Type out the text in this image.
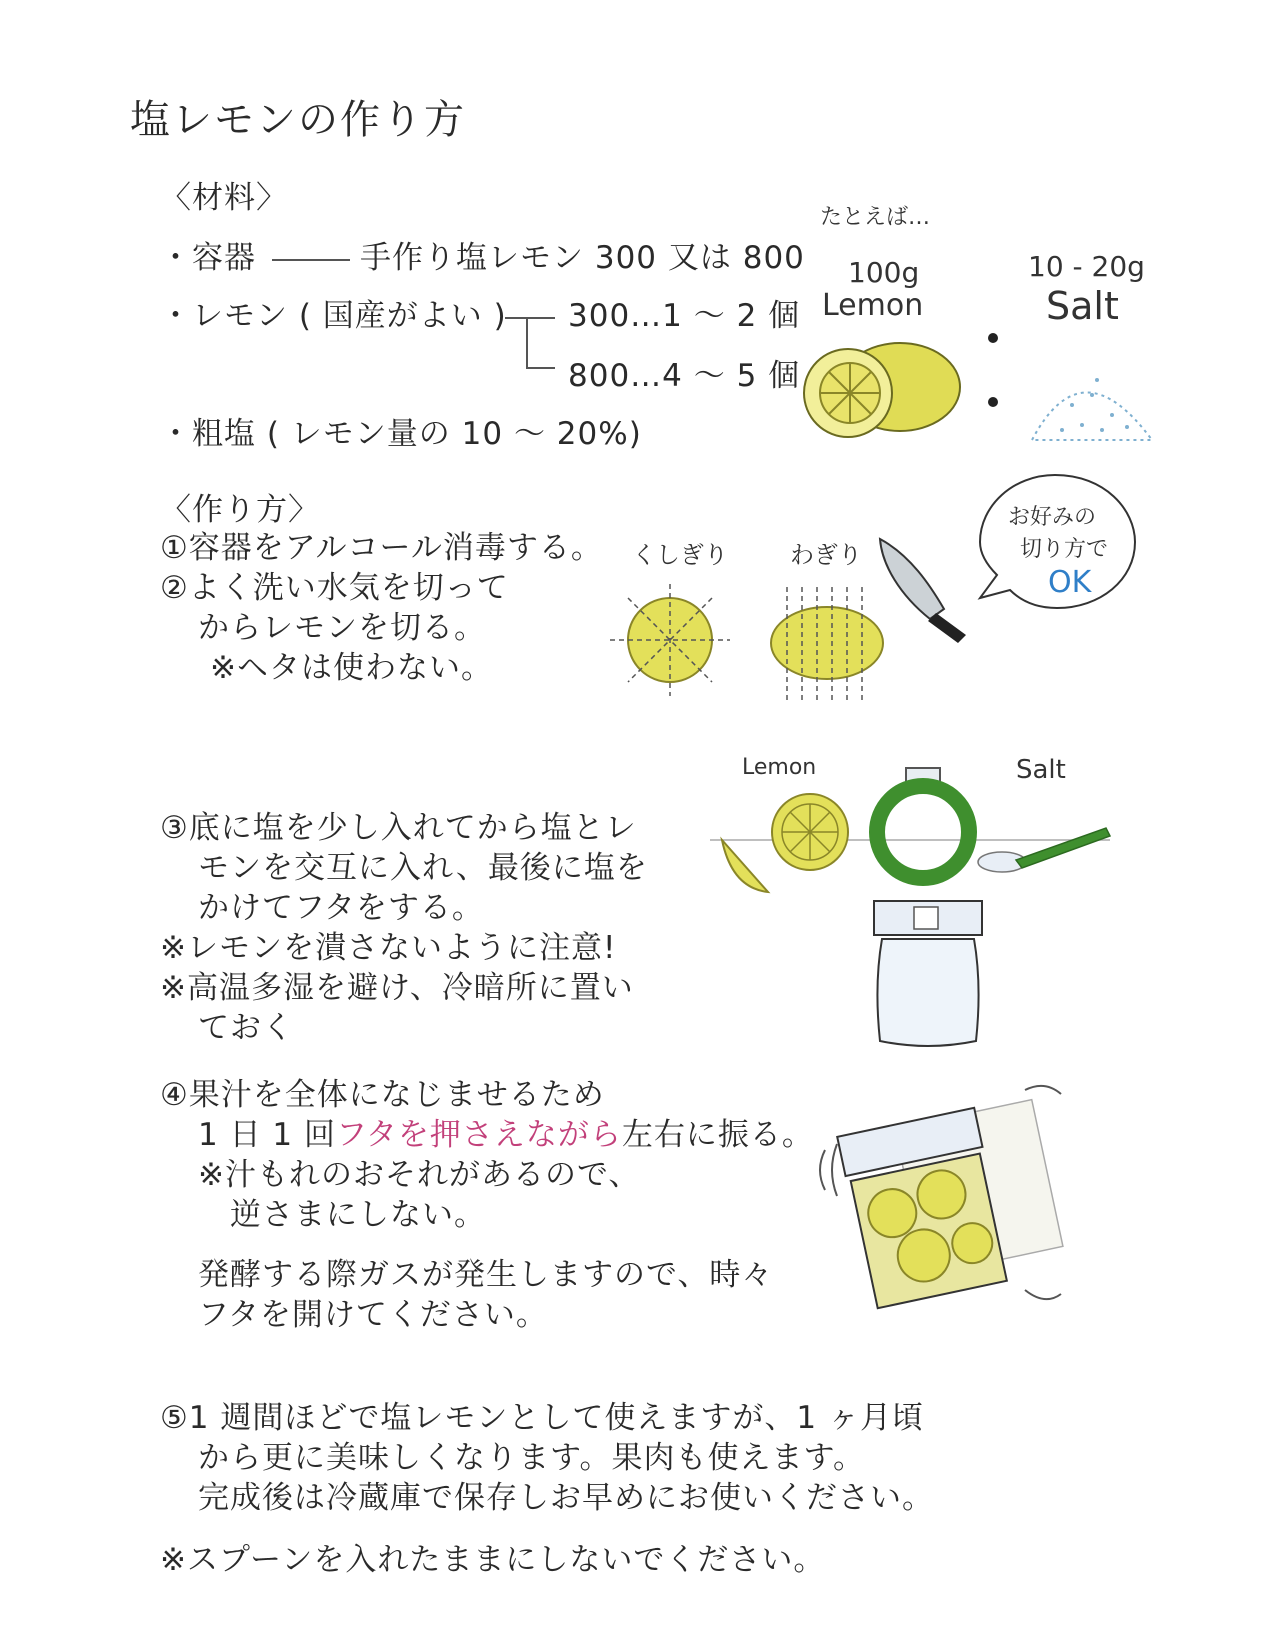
塩レモンの作り方
〈材料〉
・容器	手作り塩レモン 300 又は 800
・レモン ( 国産がよい ) 300…1 ～ 2 個
800…4 ～ 5 個
・粗塩 ( レモン量の 10 ～ 20%)
たとえば…
100g
Lemon
10 - 20g
Salt
〈作り方〉
①容器をアルコール消毒する。
②よく洗い水気を切って
からレモンを切る。
※ヘタは使わない。
くしぎり	わぎり
お好みの
切り方で
OK
Lemon	Salt
③底に塩を少し入れてから塩とレ
モンを交互に入れ、最後に塩を
かけてフタをする。
※レモンを潰さないように注意!
※高温多湿を避け、冷暗所に置い
ておく
④果汁を全体になじませるため
1 日 1 回フタを押さえながら左右に振る。
※汁もれのおそれがあるので、
逆さまにしない。
発酵する際ガスが発生しますので、時々
フタを開けてください。
⑤1 週間ほどで塩レモンとして使えますが、1 ヶ月頃
から更に美味しくなります。果肉も使えます。
完成後は冷蔵庫で保存しお早めにお使いください。
※スプーンを入れたままにしないでください。
